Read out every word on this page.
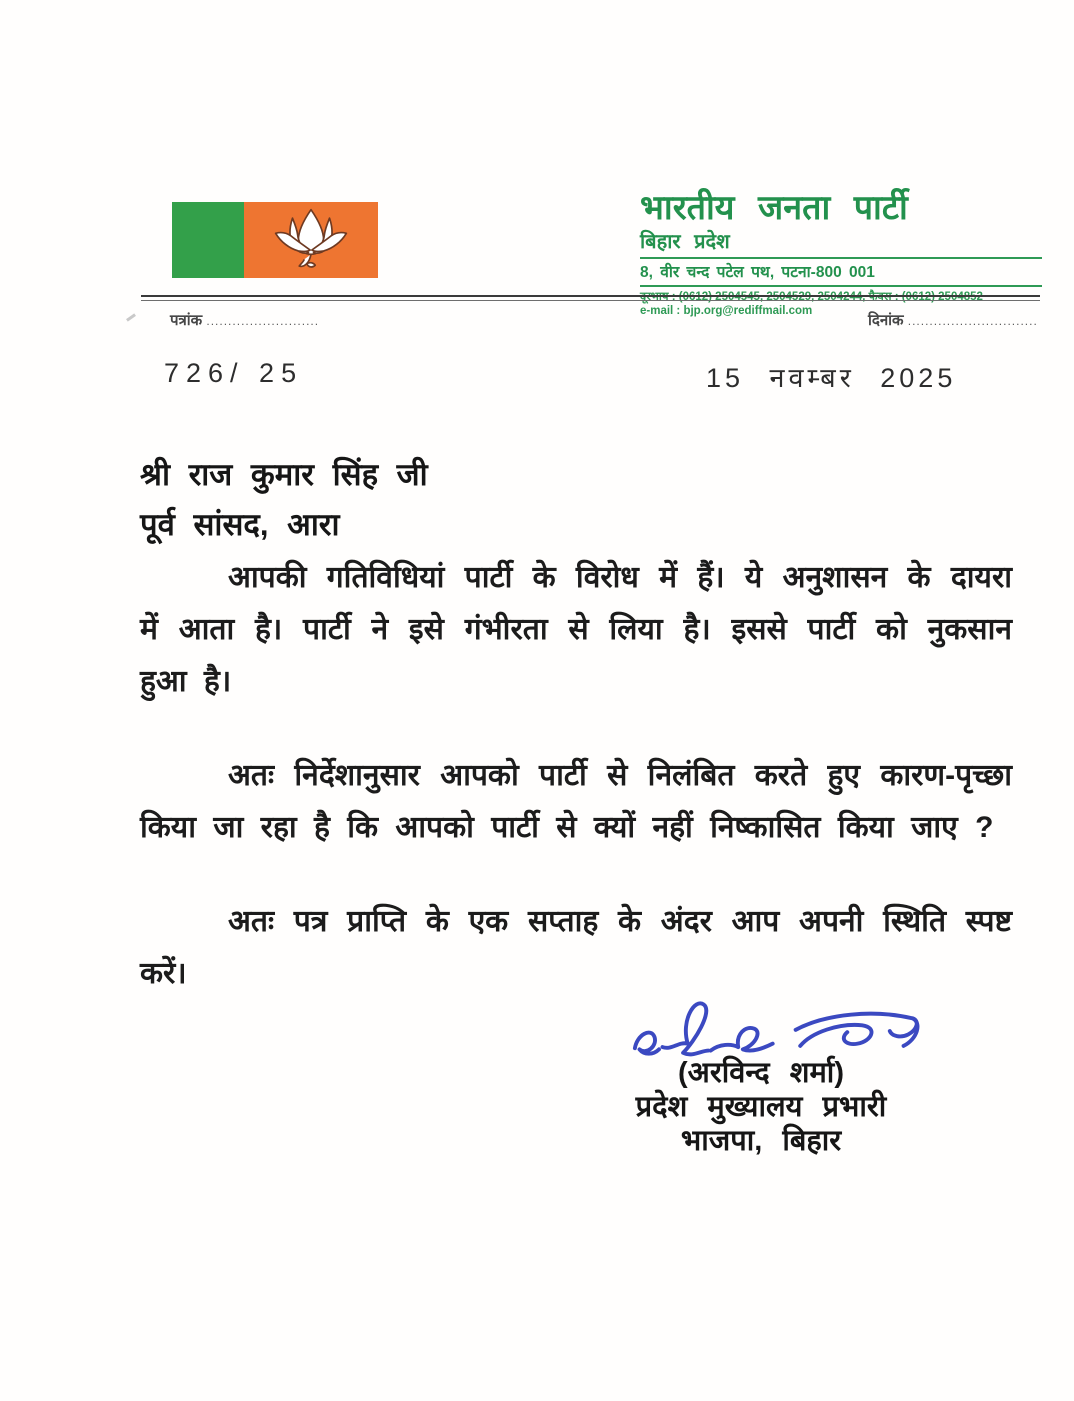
भारतीय जनता पार्टी
बिहार प्रदेश
8, वीर चन्द पटेल पथ, पटना-800 001
दूरभाष : (0612) 2504545, 2504529, 2504244, फैक्स : (0612) 2504852
e-mail : bjp.org@rediffmail.com
पत्रांक ..........................	दिनांक ..............................
726/ 25	15 नवम्बर 2025
श्री राज कुमार सिंह जी
पूर्व सांसद, आरा

आपकी गतिविधियां पार्टी के विरोध में हैं। ये अनुशासन के दायरा में आता है। पार्टी ने इसे गंभीरता से लिया है। इससे पार्टी को नुकसान हुआ है।

अतः निर्देशानुसार आपको पार्टी से निलंबित करते हुए कारण-पृच्छा किया जा रहा है कि आपको पार्टी से क्यों नहीं निष्कासित किया जाए ?

अतः पत्र प्राप्ति के एक सप्ताह के अंदर आप अपनी स्थिति स्पष्ट करें।

(अरविन्द शर्मा)
प्रदेश मुख्यालय प्रभारी
भाजपा, बिहार
